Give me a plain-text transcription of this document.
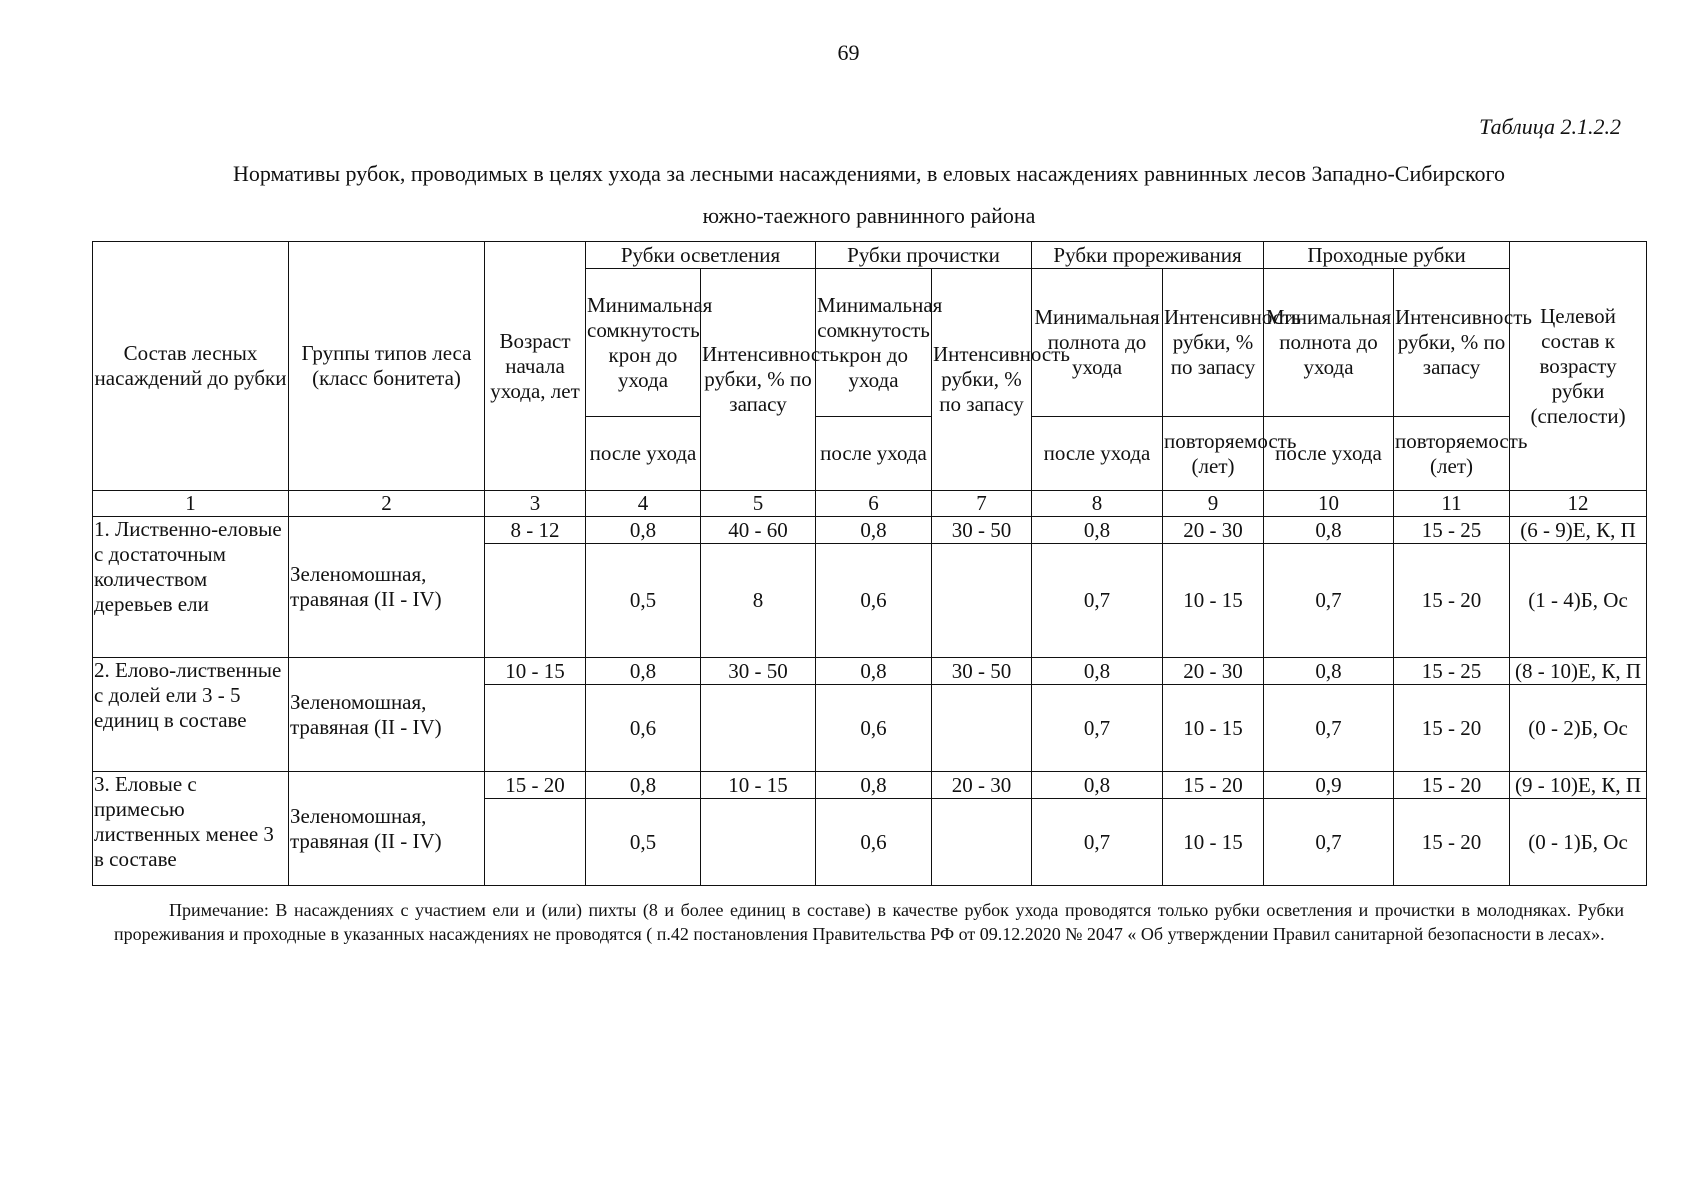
69
Таблица 2.1.2.2
Нормативы рубок, проводимых в целях ухода за лесными насаждениями, в еловых насаждениях равнинных лесов Западно-Сибирского
южно-таежного равнинного района
Состав лесных насаждений до рубки	Группы типов леса (класс бонитета)	Возраст начала ухода, лет	Рубки осветления		Рубки прочистки		Рубки прореживания		Проходные рубки		Целевой состав к возрасту рубки (спелости)
			Минимальная сомкнутость крон до ухода	Интенсивность рубки, % по запасу	Минимальная сомкнутость крон до ухода	Интенсивность рубки, % по запасу	Минимальная полнота до ухода	Интенсивность рубки, % по запасу	Минимальная полнота до ухода	Интенсивность рубки, % по запасу	
			после ухода		после ухода		после ухода	повторяемость (лет)	после ухода	повторяемость (лет)	
1	2	3	4	5	6	7	8	9	10	11	12
1. Лиственно-еловые с достаточным количеством деревьев ели	Зеленомошная, травяная (II - IV)	8 - 12	0,8	40 - 60	0,8	30 - 50	0,8	20 - 30	0,8	15 - 25	(6 - 9)Е, К, П
			0,5	8	0,6		0,7	10 - 15	0,7	15 - 20	(1 - 4)Б, Ос
2. Елово-лиственные с долей ели 3 - 5 единиц в составе	Зеленомошная, травяная (II - IV)	10 - 15	0,8	30 - 50	0,8	30 - 50	0,8	20 - 30	0,8	15 - 25	(8 - 10)Е, К, П
			0,6		0,6		0,7	10 - 15	0,7	15 - 20	(0 - 2)Б, Ос
3. Еловые с примесью лиственных менее 3 в составе	Зеленомошная, травяная (II - IV)	15 - 20	0,8	10 - 15	0,8	20 - 30	0,8	15 - 20	0,9	15 - 20	(9 - 10)Е, К, П
			0,5		0,6		0,7	10 - 15	0,7	15 - 20	(0 - 1)Б, Ос
Примечание: В насаждениях с участием ели и (или) пихты (8 и более единиц в составе) в качестве рубок ухода проводятся только рубки осветления и прочистки в молодняках. Рубки прореживания и проходные в указанных насаждениях не проводятся ( п.42 постановления Правительства РФ от 09.12.2020 № 2047 « Об утверждении Правил санитарной безопасности в лесах».
